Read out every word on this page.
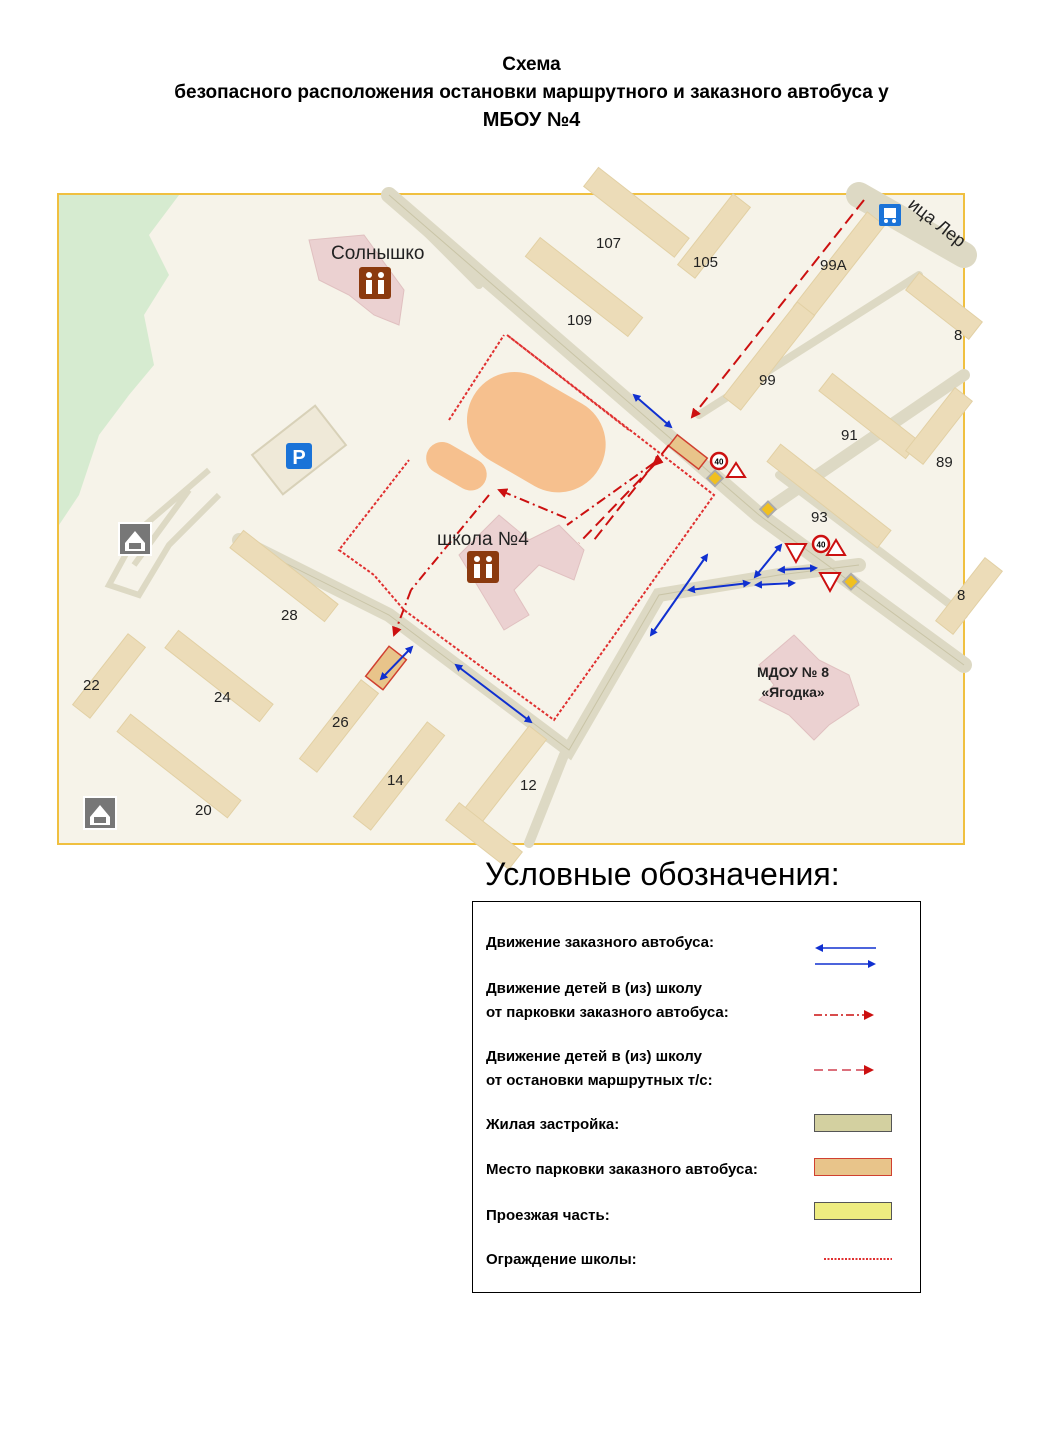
Схема
безопасного расположения остановки маршрутного и заказного автобуса у
МБОУ №4
40
40
P
Солнышко
школа №4
МДОУ № 8
«Ягодка»
ица Лер
107
105	99А
109
99
91
89
93
8
8
28
22
24
26
14	12
20
Условные обозначения:
Движение заказного автобуса:
Движение детей в (из) школу
от парковки заказного автобуса:
Движение детей в (из) школу
от остановки маршрутных т/с:
Жилая застройка:
Место парковки заказного автобуса:
Проезжая часть:
Ограждение школы:
